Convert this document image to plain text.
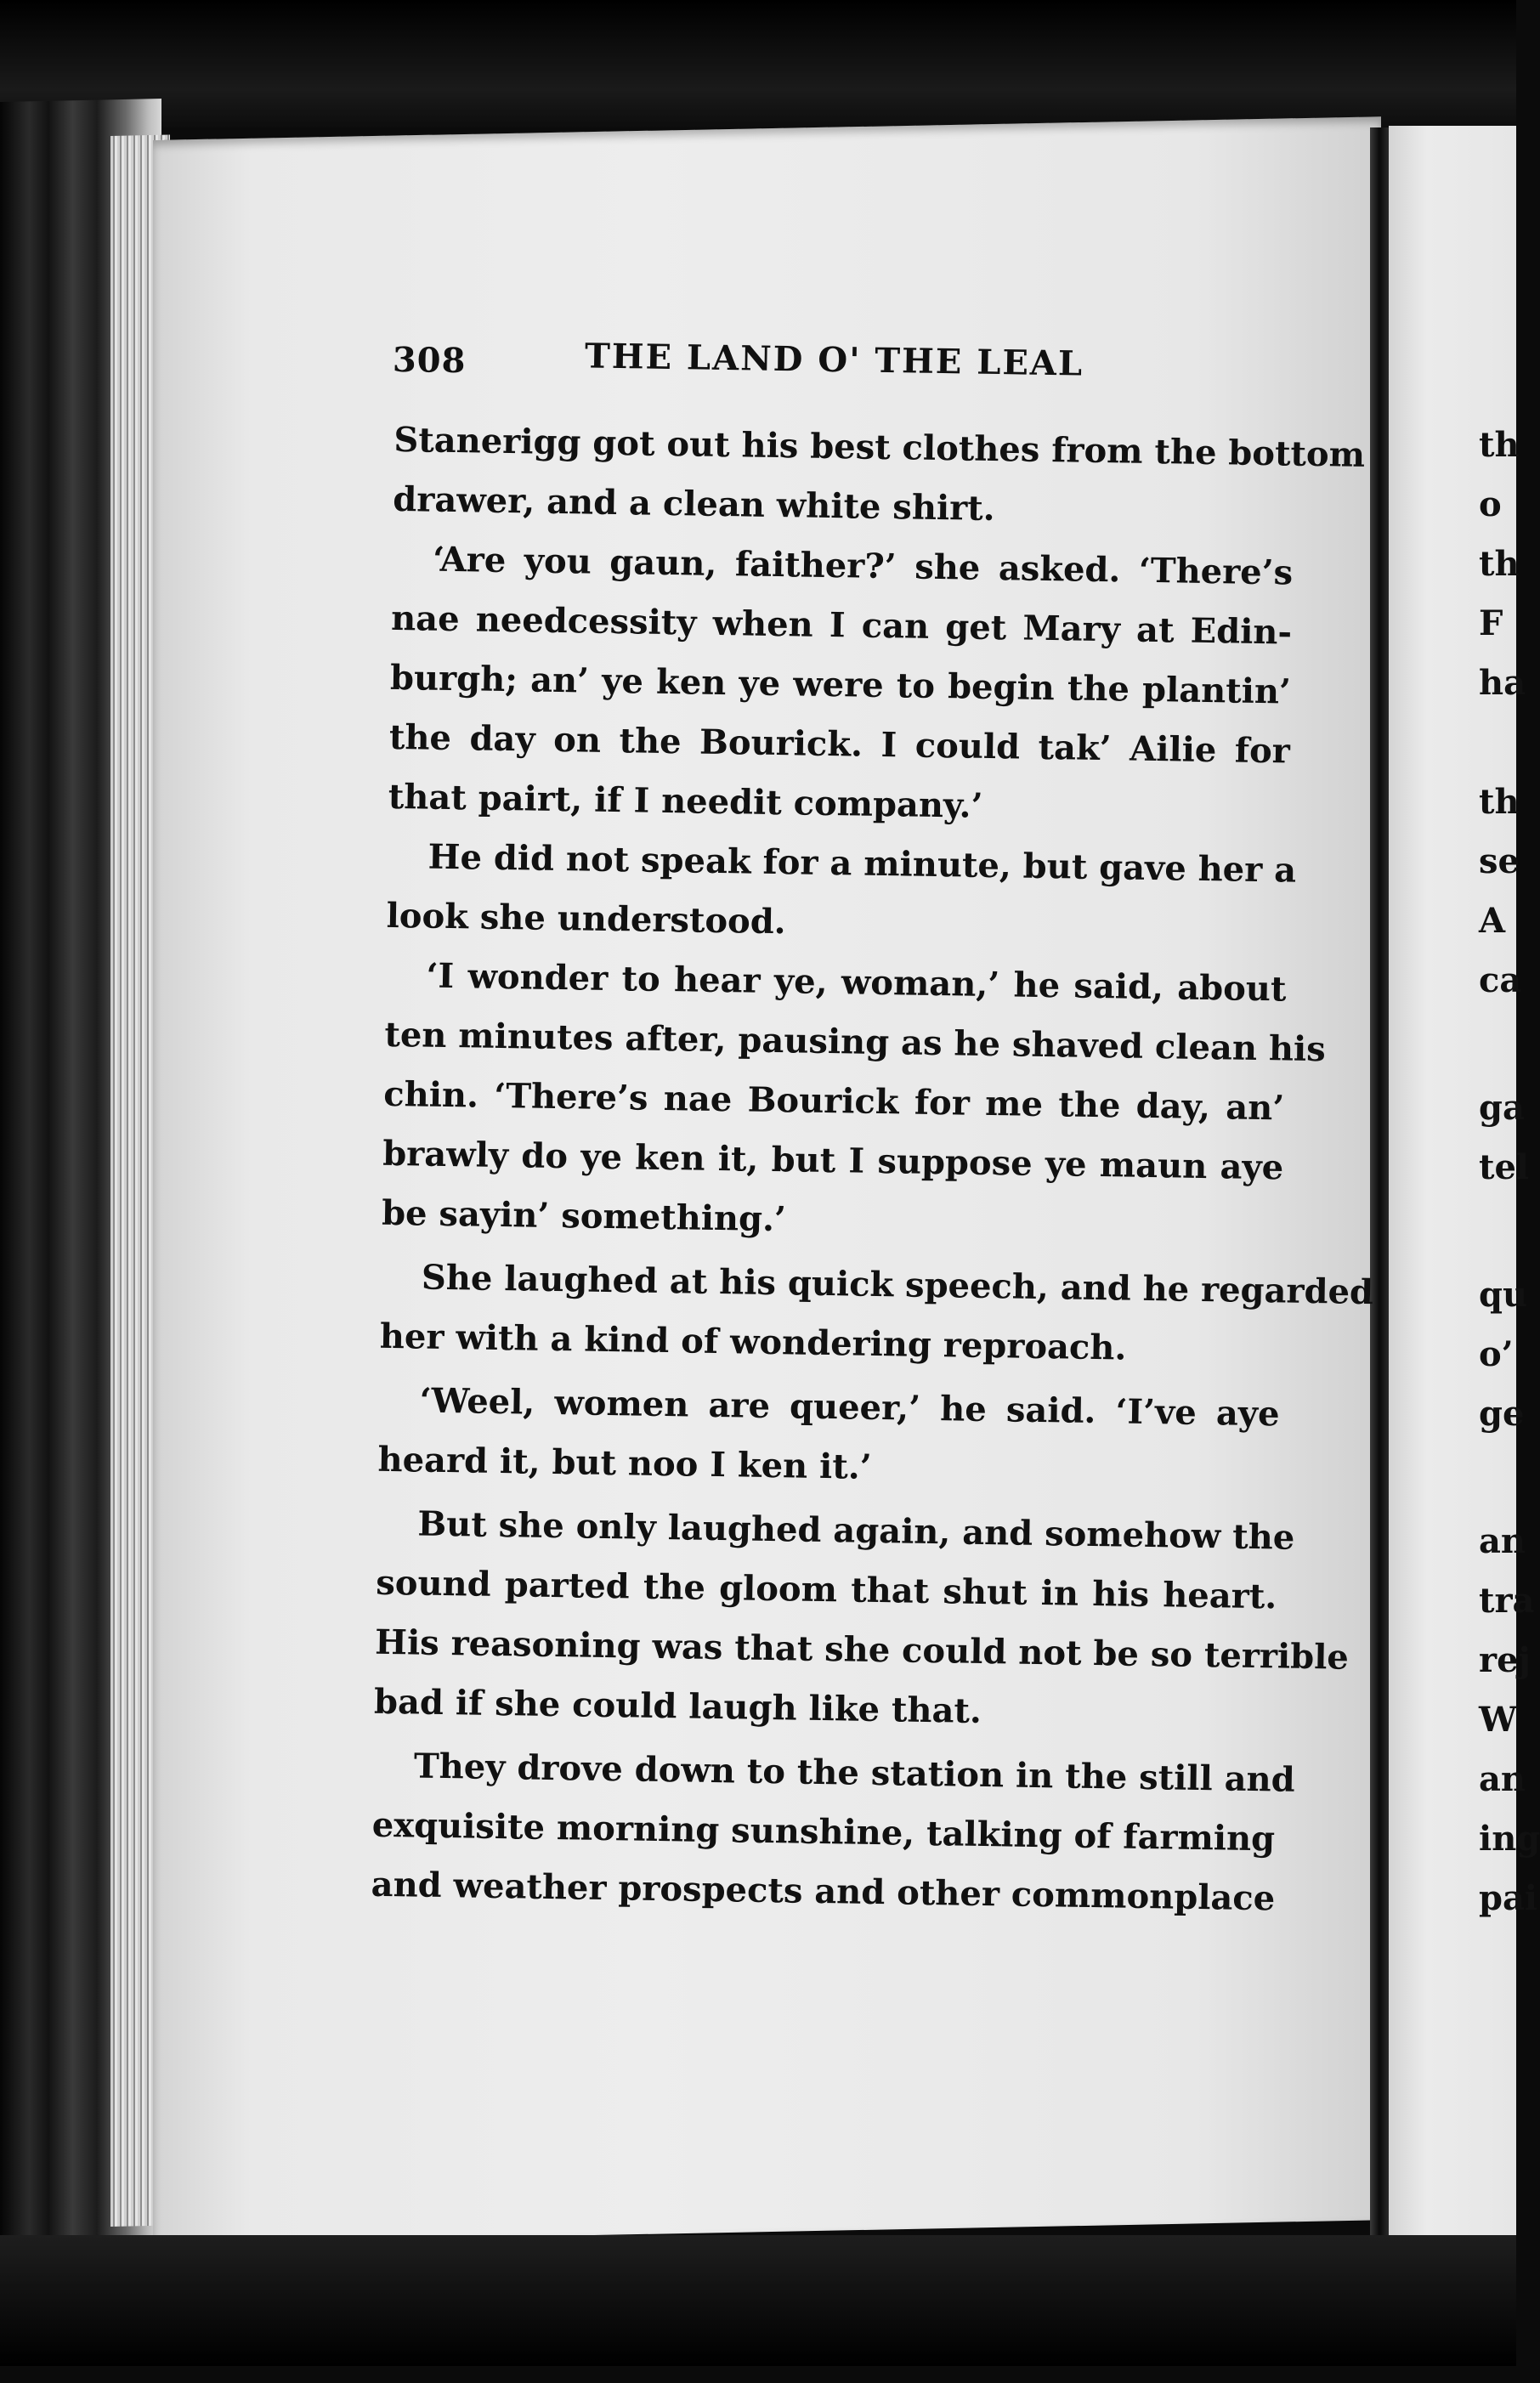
308	THE LAND O' THE LEAL
Stanerigg got out his best clothes from the bottom
drawer, and a clean white shirt.
‘Are you gaun, faither?’ she asked. ‘There’s
nae needcessity when I can get Mary at Edin-
burgh; an’ ye ken ye were to begin the plantin’
the day on the Bourick. I could tak’ Ailie for
that pairt, if I needit company.’
He did not speak for a minute, but gave her a
look she understood.
‘I wonder to hear ye, woman,’ he said, about
ten minutes after, pausing as he shaved clean his
chin. ‘There’s nae Bourick for me the day, an’
brawly do ye ken it, but I suppose ye maun aye
be sayin’ something.’
She laughed at his quick speech, and he regarded
her with a kind of wondering reproach.
‘Weel, women are queer,’ he said. ‘I’ve aye
heard it, but noo I ken it.’
But she only laughed again, and somehow the
sound parted the gloom that shut in his heart.
His reasoning was that she could not be so terrible
bad if she could laugh like that.
They drove down to the station in the still and
exquisite morning sunshine, talking of farming
and weather prospects and other commonplace
th
o
th
F
ha
th
se
A
ca
ga
tel
qu
o’
ge
an
tra
rej
W
an
ing
pai
